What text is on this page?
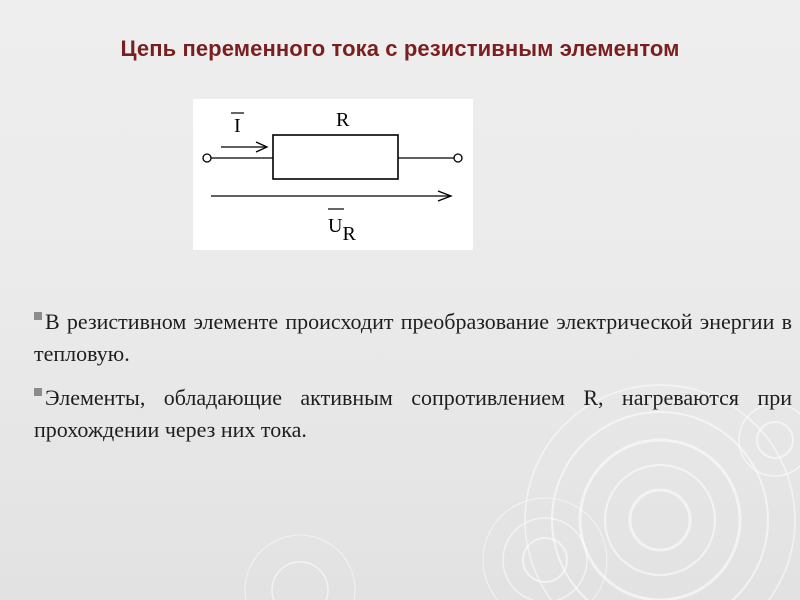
Цепь переменного тока с резистивным элементом
I	R
UR
В резистивном элементе происходит преобразование электрической энергии в тепловую.
Элементы, обладающие активным сопротивлением R, нагреваются при прохождении через них тока.
